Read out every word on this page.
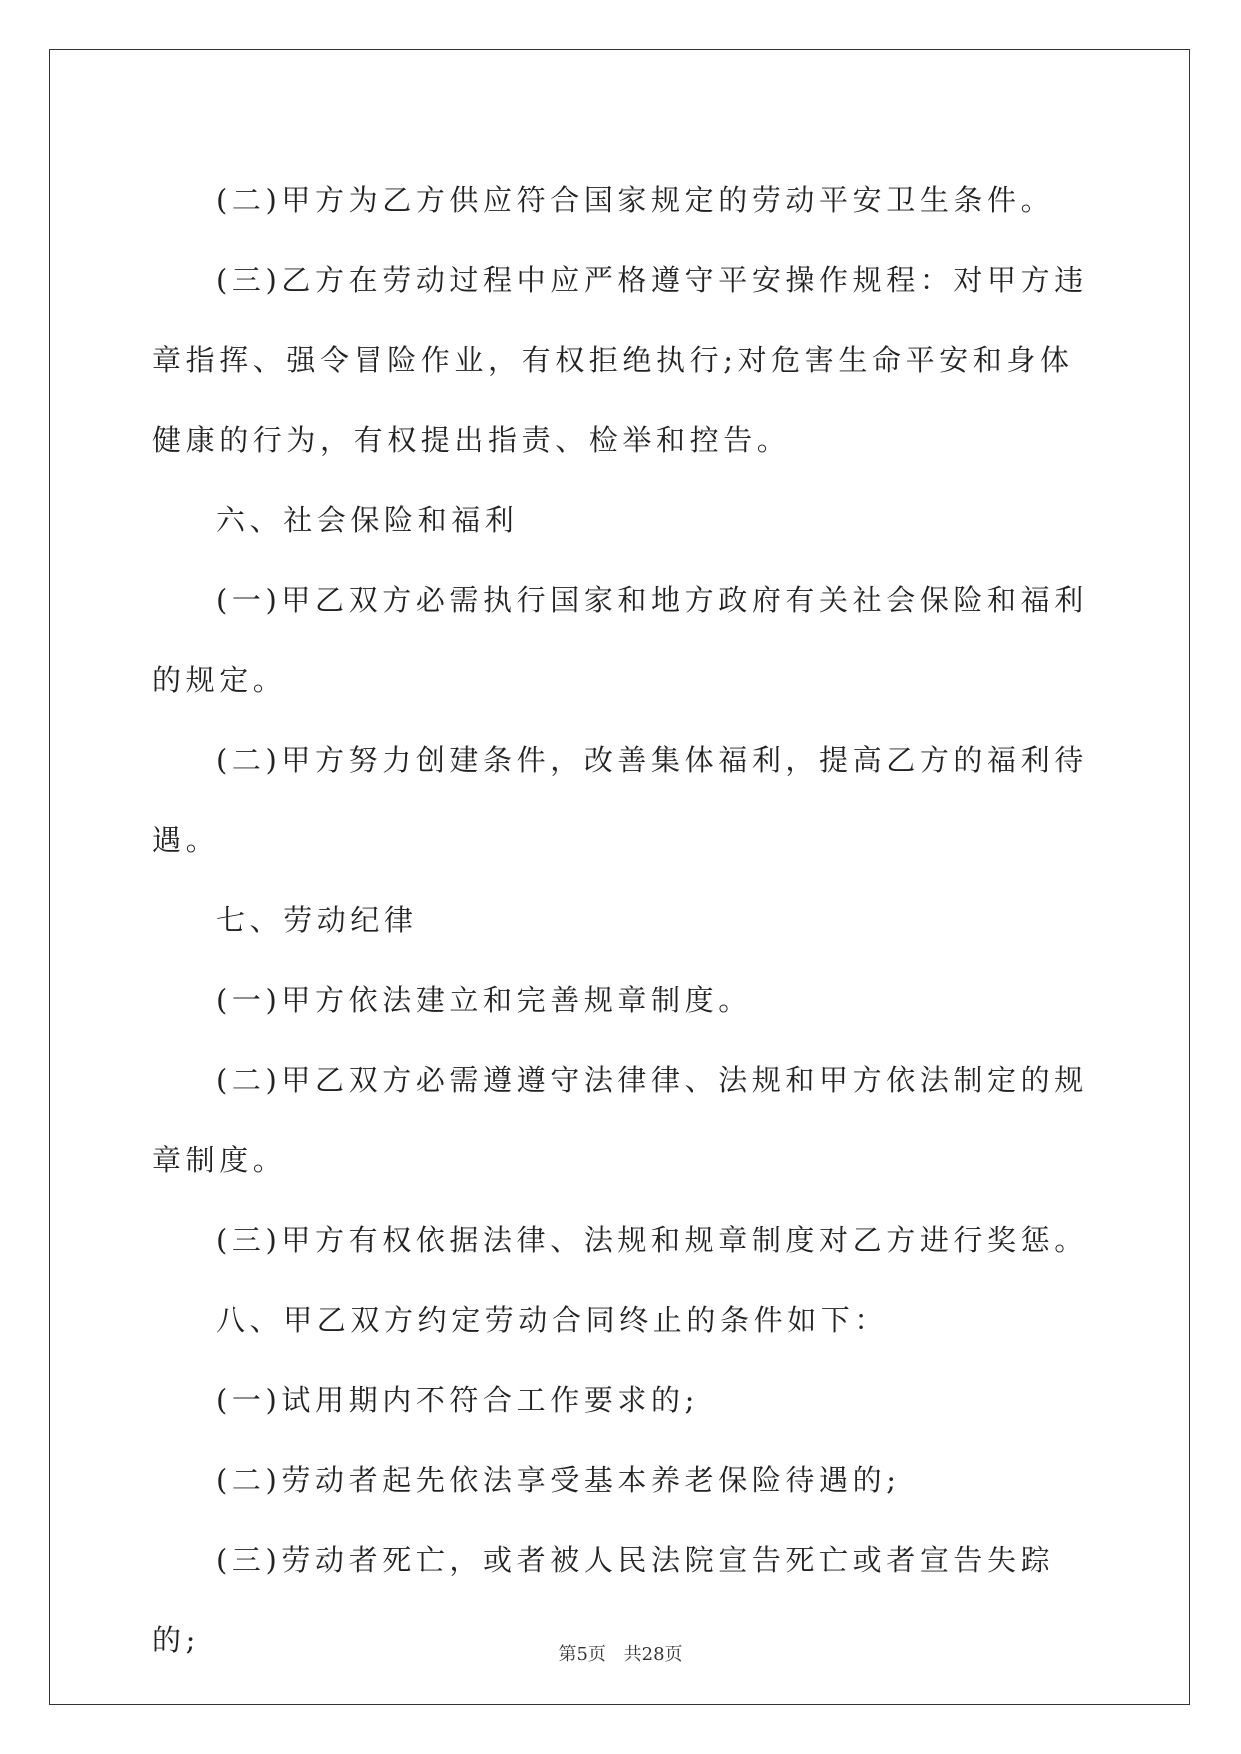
(二)甲方为乙方供应符合国家规定的劳动平安卫生条件。

(三)乙方在劳动过程中应严格遵守平安操作规程：对甲方违章指挥、强令冒险作业，有权拒绝执行;对危害生命平安和身体健康的行为，有权提出指责、检举和控告。

六、社会保险和福利

(一)甲乙双方必需执行国家和地方政府有关社会保险和福利的规定。

(二)甲方努力创建条件，改善集体福利，提高乙方的福利待遇。

七、劳动纪律

(一)甲方依法建立和完善规章制度。

(二)甲乙双方必需遵遵守法律律、法规和甲方依法制定的规章制度。

(三)甲方有权依据法律、法规和规章制度对乙方进行奖惩。

八、甲乙双方约定劳动合同终止的条件如下：

(一)试用期内不符合工作要求的;

(二)劳动者起先依法享受基本养老保险待遇的;

(三)劳动者死亡，或者被人民法院宣告死亡或者宣告失踪的;	第5页 共28页
